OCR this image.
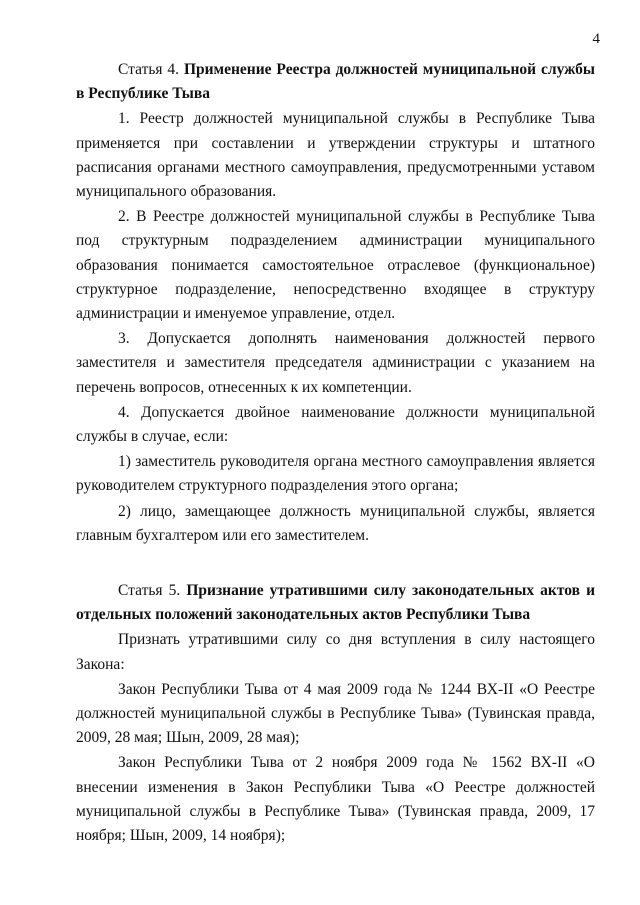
4

Статья 4. Применение Реестра должностей муниципальной службы в Республике Тыва

1. Реестр должностей муниципальной службы в Республике Тыва применяется при составлении и утверждении структуры и штатного расписания органами местного самоуправления, предусмотренными уставом муниципального образования.

2. В Реестре должностей муниципальной службы в Республике Тыва под структурным подразделением администрации муниципального образования понимается самостоятельное отраслевое (функциональное) структурное подразделение, непосредственно входящее в структуру администрации и именуемое управление, отдел.

3. Допускается дополнять наименования должностей первого заместителя и заместителя председателя администрации с указанием на перечень вопросов, отнесенных к их компетенции.

4. Допускается двойное наименование должности муниципальной службы в случае, если:

1) заместитель руководителя органа местного самоуправления является руководителем структурного подразделения этого органа;

2) лицо, замещающее должность муниципальной службы, является главным бухгалтером или его заместителем.

Статья 5. Признание утратившими силу законодательных актов и отдельных положений законодательных актов Республики Тыва

Признать утратившими силу со дня вступления в силу настоящего Закона:

Закон Республики Тыва от 4 мая 2009 года № 1244 ВХ-II «О Реестре должностей муниципальной службы в Республике Тыва» (Тувинская правда, 2009, 28 мая; Шын, 2009, 28 мая);

Закон Республики Тыва от 2 ноября 2009 года № 1562 ВХ-II «О внесении изменения в Закон Республики Тыва «О Реестре должностей муниципальной службы в Республике Тыва» (Тувинская правда, 2009, 17 ноября; Шын, 2009, 14 ноября);
